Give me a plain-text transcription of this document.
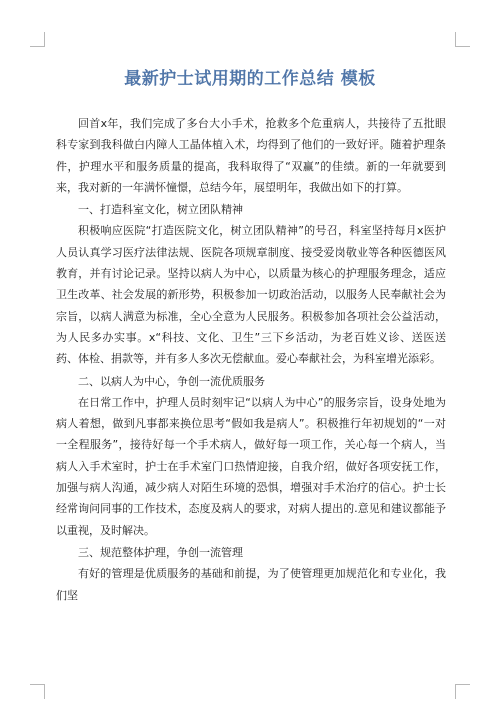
最新护士试用期的工作总结 模板

回首x年，我们完成了多台大小手术，抢救多个危重病人，共接待了五批眼科专家到我科做白内障人工晶体植入术，均得到了他们的一致好评。随着护理条件，护理水平和服务质量的提高，我科取得了“双赢”的佳绩。新的一年就要到来，我对新的一年满怀憧憬，总结今年，展望明年，我做出如下的打算。

一、打造科室文化，树立团队精神

积极响应医院“打造医院文化，树立团队精神”的号召，科室坚持每月x医护人员认真学习医疗法律法规、医院各项规章制度、接受爱岗敬业等各种医德医风教育，并有讨论记录。坚持以病人为中心，以质量为核心的护理服务理念，适应卫生改革、社会发展的新形势，积极参加一切政治活动，以服务人民奉献社会为宗旨，以病人满意为标准，全心全意为人民服务。积极参加各项社会公益活动，为人民多办实事。x“科技、文化、卫生”三下乡活动，为老百姓义诊、送医送药、体检、捐款等，并有多人多次无偿献血。爱心奉献社会，为科室增光添彩。

二、以病人为中心，争创一流优质服务

在日常工作中，护理人员时刻牢记“以病人为中心”的服务宗旨，设身处地为病人着想，做到凡事都来换位思考“假如我是病人”。积极推行年初规划的“一对一全程服务”，接待好每一个手术病人，做好每一项工作，关心每一个病人，当病人入手术室时，护士在手术室门口热情迎接，自我介绍，做好各项安抚工作，加强与病人沟通，减少病人对陌生环境的恐惧，增强对手术治疗的信心。护士长经常询问同事的工作技术，态度及病人的要求，对病人提出的.意见和建议都能予以重视，及时解决。

三、规范整体护理，争创一流管理

有好的管理是优质服务的基础和前提，为了使管理更加规范化和专业化，我们坚
